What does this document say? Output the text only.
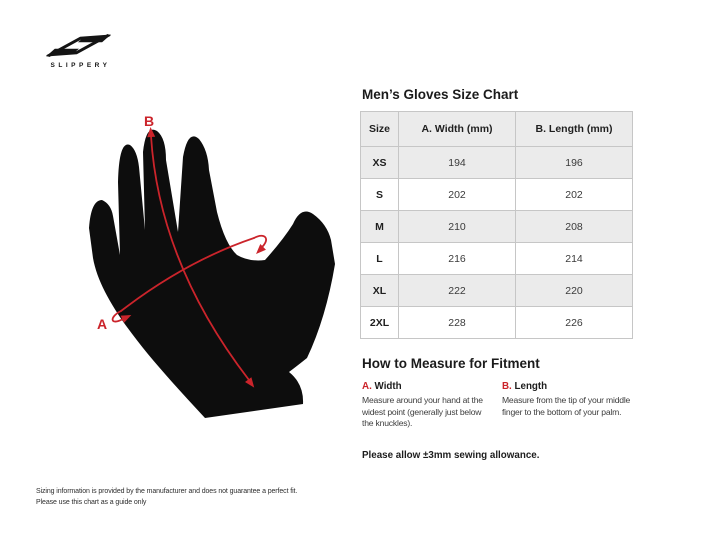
SLIPPERY
B
A
Men’s Gloves Size Chart
Size	A. Width (mm)	B. Length (mm)
XS	194	196
S	202	202
M	210	208
L	216	214
XL	222	220
2XL	228	226
How to Measure for Fitment
A. Width
Measure around your hand at the widest point (generally just below the knuckles).
B. Length
Measure from the tip of your middle finger to the bottom of your palm.
Please allow ±3mm sewing allowance.
Sizing information is provided by the manufacturer and does not guarantee a perfect fit.
Please use this chart as a guide only
